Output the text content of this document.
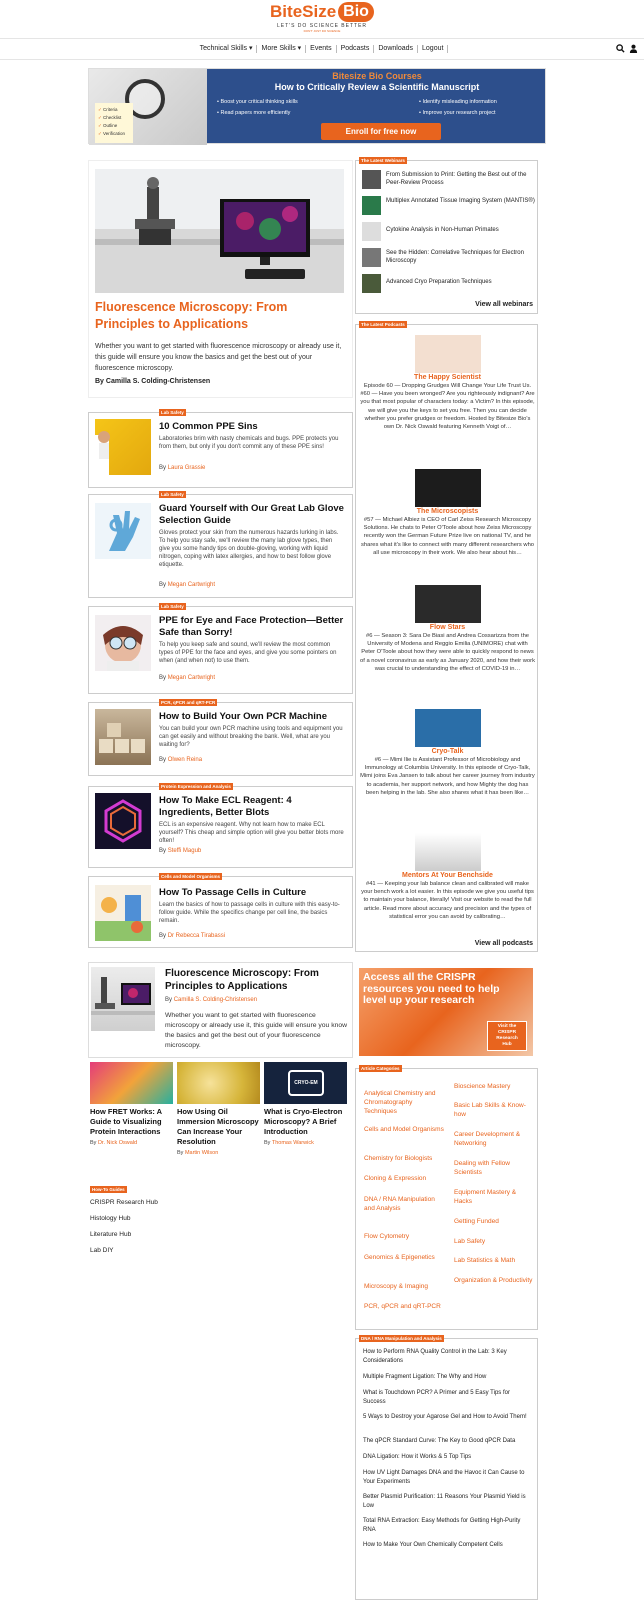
BiteSize Bio
LET'S DO SCIENCE BETTER
DON'T JUST DO SCIENCE
Technical Skills ▾	More Skills ▾	Events	Podcasts	Downloads	Logout
✓ Criteria
✓ Checklist
✓ Outline
✓ Verification
Bitesize Bio Courses
How to Critically Review a Scientific Manuscript
• Boost your critical thinking skills
• Read papers more efficiently
• Identify misleading information
• Improve your research project
Enroll for free now
Fluorescence Microscopy: From Principles to Applications
Whether you want to get started with fluorescence microscopy or already use it, this guide will ensure you know the basics and get the best out of your fluorescence microscopy.
By Camilla S. Colding-Christensen
Lab Safety
10 Common PPE Sins
Laboratories brim with nasty chemicals and bugs. PPE protects you from them, but only if you don't commit any of these PPE sins!
By Laura Grassie
Lab Safety
Guard Yourself with Our Great Lab Glove Selection Guide
Gloves protect your skin from the numerous hazards lurking in labs. To help you stay safe, we'll review the many lab glove types, then give you some handy tips on double-gloving, working with liquid nitrogen, coping with latex allergies, and how to best follow glove etiquette.
By Megan Cartwright
Lab Safety
PPE for Eye and Face Protection—Better Safe than Sorry!
To help you keep safe and sound, we'll review the most common types of PPE for the face and eyes, and give you some pointers on when (and when not) to use them.
By Megan Cartwright
PCR, qPCR and qRT-PCR
How to Build Your Own PCR Machine
You can build your own PCR machine using tools and equipment you can get easily and without breaking the bank. Well, what are you waiting for?
By Olwen Reina
Protein Expression and Analysis
How To Make ECL Reagent: 4 Ingredients, Better Blots
ECL is an expensive reagent. Why not learn how to make ECL yourself? This cheap and simple option will give you better blots more often!
By Steffi Magub
Cells and Model Organisms
How To Passage Cells in Culture
Learn the basics of how to passage cells in culture with this easy-to-follow guide. While the specifics change per cell line, the basics remain.
By Dr Rebecca Tirabassi
The Latest Webinars
From Submission to Print: Getting the Best out of the Peer-Review Process
Multiplex Annotated Tissue Imaging System (MANTIS®)
Cytokine Analysis in Non-Human Primates
See the Hidden: Correlative Techniques for Electron Microscopy
Advanced Cryo Preparation Techniques
View all webinars
The Latest Podcasts
The Happy Scientist
Episode 60 — Dropping Grudges Will Change Your Life Trust Us. #60 — Have you been wronged? Are you righteously indignant? Are you that most popular of characters today: a Victim? In this episode, we will give you the keys to set you free. Then you can decide whether you prefer grudges or freedom. Hosted by Bitesize Bio's own Dr. Nick Oswald featuring Kenneth Voigt of…
The Microscopists
#57 — Michael Albiez is CEO of Carl Zeiss Research Microscopy Solutions. He chats to Peter O'Toole about how Zeiss Microscopy recently won the German Future Prize live on national TV, and he shares what it's like to connect with many different researchers who all use microscopy in their work. We also hear about his…
Flow Stars
#6 — Season 3: Sara De Biasi and Andrea Cossarizza from the University of Modena and Reggio Emilia (UNIMORE) chat with Peter O'Toole about how they were able to quickly respond to news of a novel coronavirus as early as January 2020, and how their work was crucial to understanding the effect of COVID-19 in…
Cryo-Talk
#6 — Mimi Ilie is Assistant Professor of Microbiology and Immunology at Columbia University. In this episode of Cryo-Talk, Mimi joins Eva Jansen to talk about her career journey from industry to academia, her support network, and how Mighty the dog has been helping in the lab. She also shares what it has been like…
Mentors At Your Benchside
#41 — Keeping your lab balance clean and calibrated will make your bench work a lot easier. In this episode we give you useful tips to maintain your balance, literally! Visit our website to read the full article. Read more about accuracy and precision and the types of statistical error you can avoid by calibrating…
View all podcasts
Fluorescence Microscopy: From Principles to Applications
By Camilla S. Colding-Christensen
Whether you want to get started with fluorescence microscopy or already use it, this guide will ensure you know the basics and get the best out of your fluorescence microscopy.
How FRET Works: A Guide to Visualizing Protein Interactions
By Dr. Nick Oswald
How Using Oil Immersion Microscopy Can Increase Your Resolution
By Martin Wilson
CRYO-EM
What is Cryo-Electron Microscopy? A Brief Introduction
By Thomas Warwick
How-To Guides
CRISPR Research Hub
Histology Hub
Literature Hub
Lab DIY
Access all the CRISPR resources you need to help level up your research
Visit the CRISPR Research Hub
Article Categories
Analytical Chemistry and Chromatography Techniques
Cells and Model Organisms
Chemistry for Biologists
Cloning & Expression
DNA / RNA Manipulation and Analysis
Flow Cytometry
Genomics & Epigenetics
Microscopy & Imaging
PCR, qPCR and qRT-PCR
Bioscience Mastery
Basic Lab Skills & Know-how
Career Development & Networking
Dealing with Fellow Scientists
Equipment Mastery & Hacks
Getting Funded
Lab Safety
Lab Statistics & Math
Organization & Productivity
DNA / RNA Manipulation and Analysis
How to Perform RNA Quality Control in the Lab: 3 Key Considerations
Multiple Fragment Ligation: The Why and How
What is Touchdown PCR? A Primer and 5 Easy Tips for Success
5 Ways to Destroy your Agarose Gel and How to Avoid Them!
The qPCR Standard Curve: The Key to Good qPCR Data
DNA Ligation: How it Works & 5 Top Tips
How UV Light Damages DNA and the Havoc it Can Cause to Your Experiments
Better Plasmid Purification: 11 Reasons Your Plasmid Yield is Low
Total RNA Extraction: Easy Methods for Getting High-Purity RNA
How to Make Your Own Chemically Competent Cells
